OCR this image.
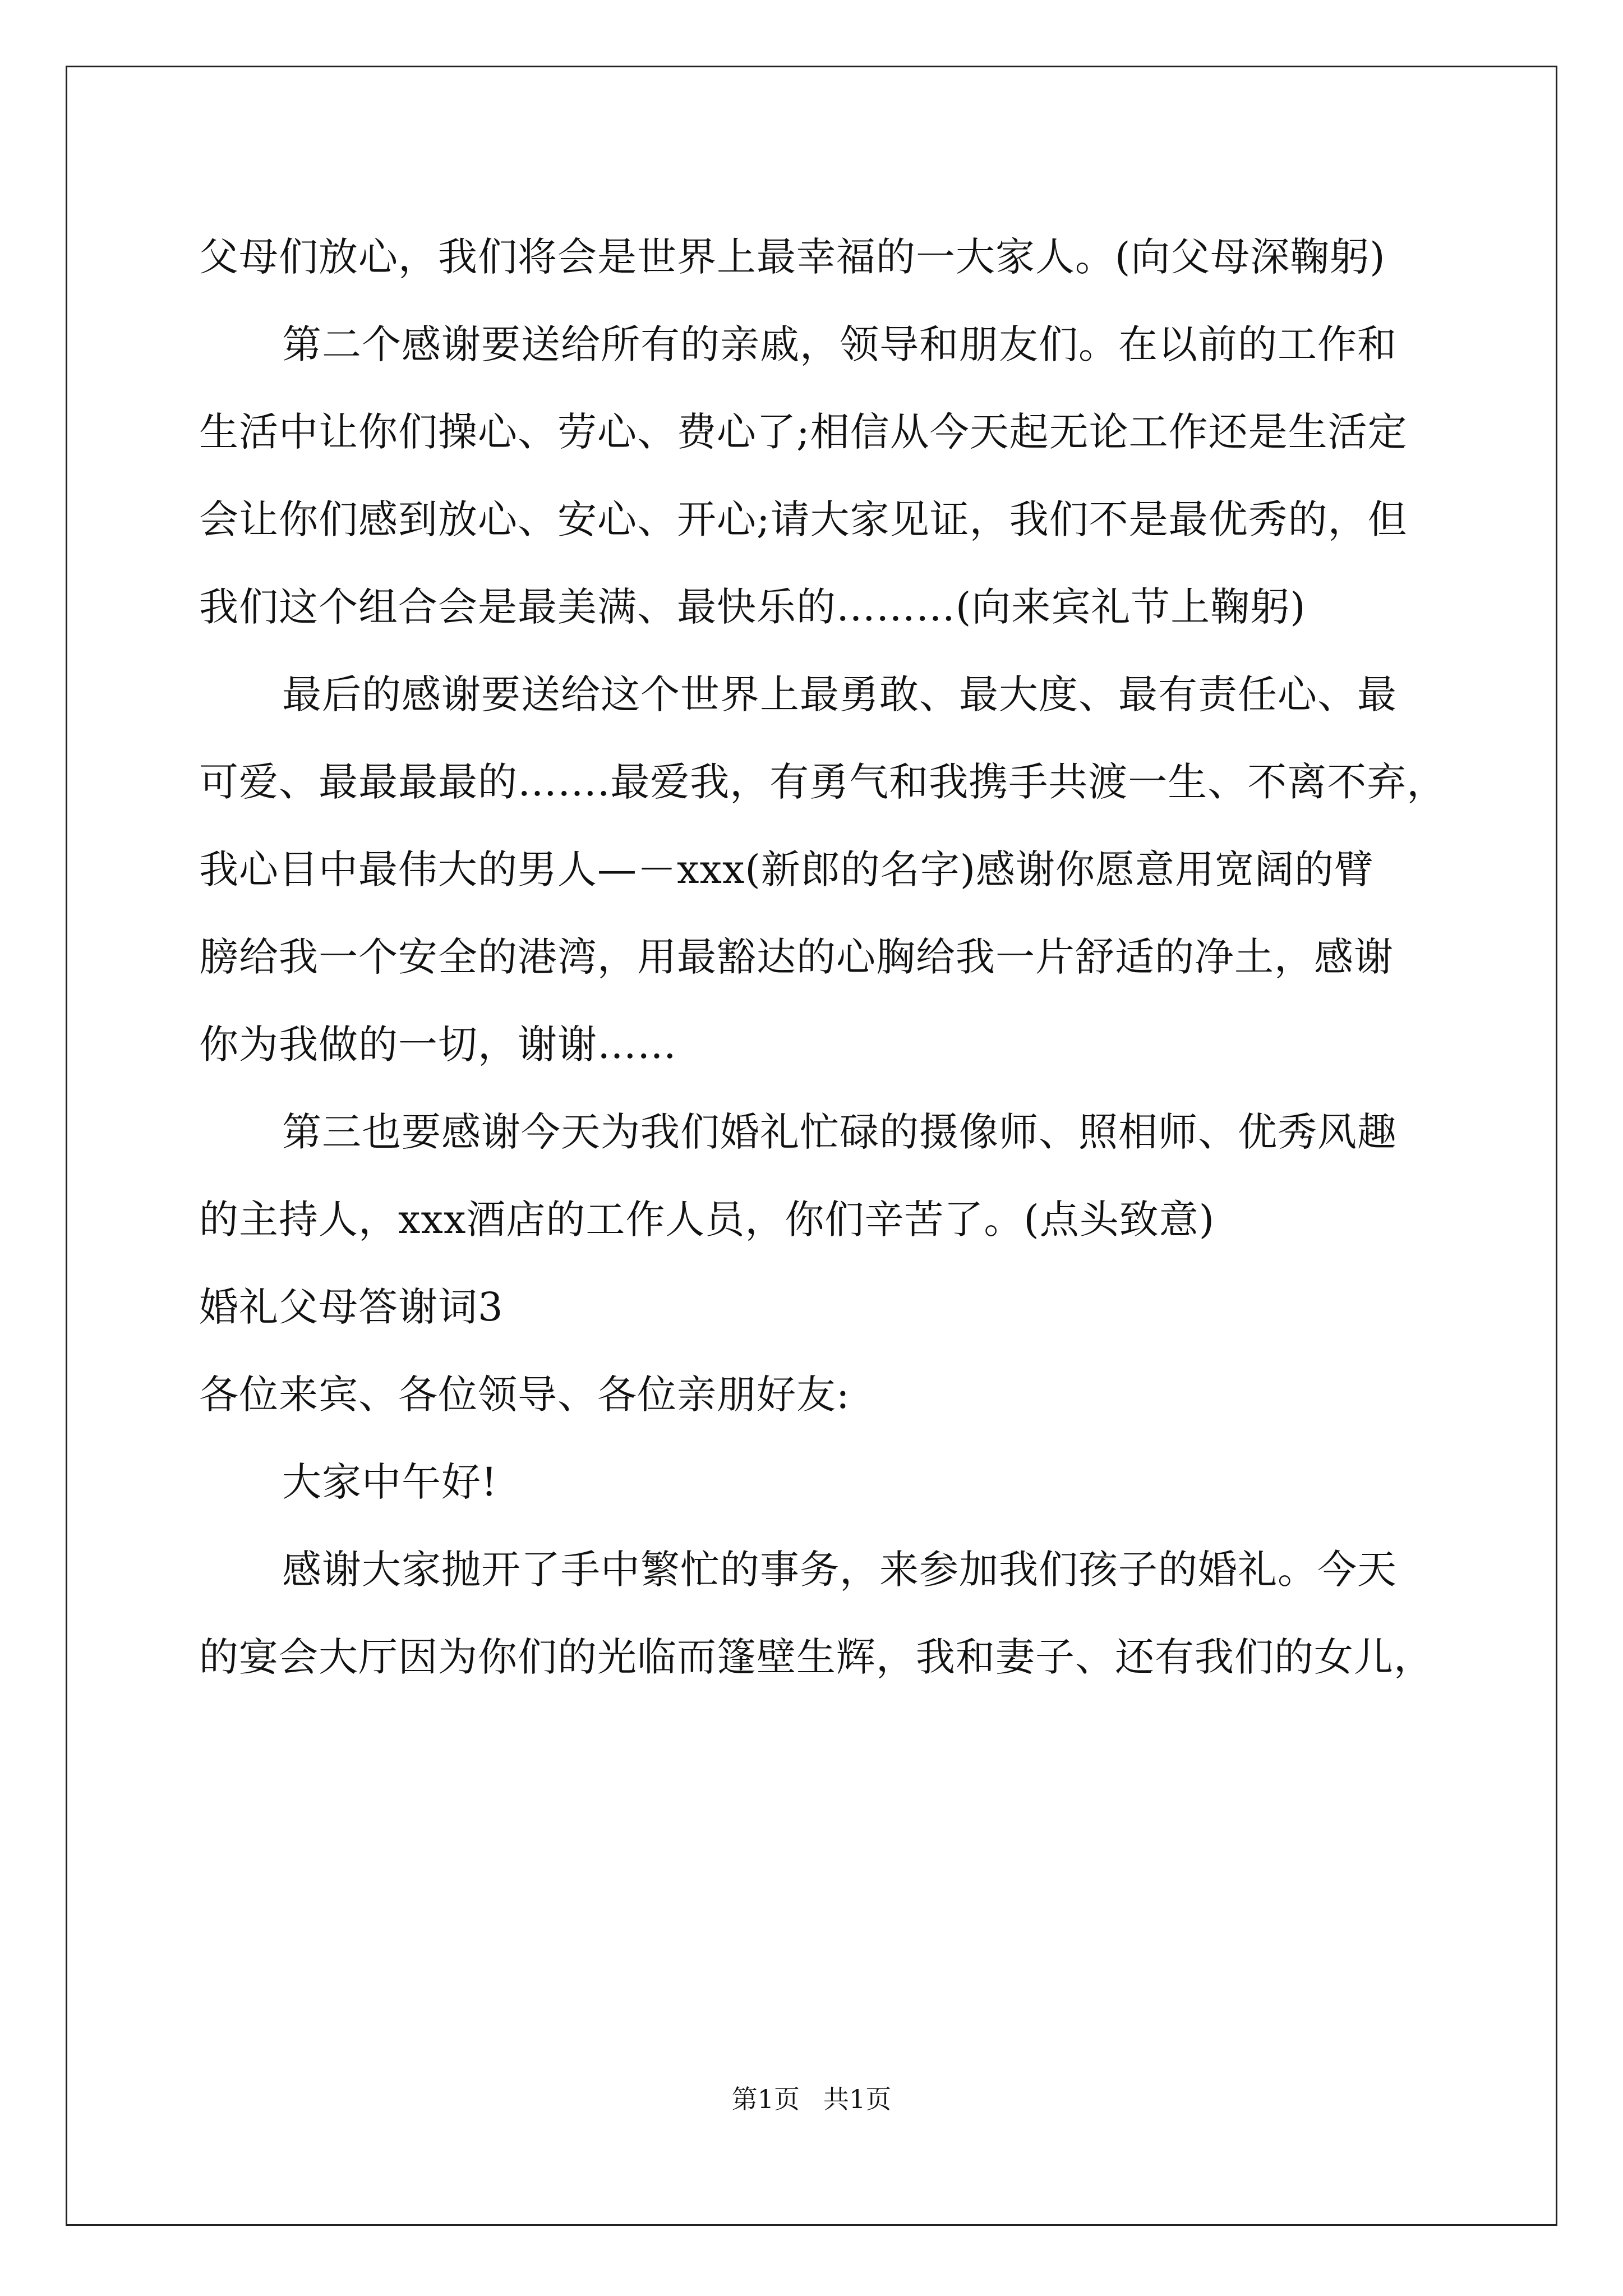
父母们放心，我们将会是世界上最幸福的一大家人。(向父母深鞠躬)
第二个感谢要送给所有的亲戚，领导和朋友们。在以前的工作和
生活中让你们操心、劳心、费心了;相信从今天起无论工作还是生活定
会让你们感到放心、安心、开心;请大家见证，我们不是最优秀的，但
我们这个组合会是最美满、最快乐的………(向来宾礼节上鞠躬)
最后的感谢要送给这个世界上最勇敢、最大度、最有责任心、最
可爱、最最最最的…….最爱我，有勇气和我携手共渡一生、不离不弃，
我心目中最伟大的男人—－xxx(新郎的名字)感谢你愿意用宽阔的臂
膀给我一个安全的港湾，用最豁达的心胸给我一片舒适的净土，感谢
你为我做的一切，谢谢……
第三也要感谢今天为我们婚礼忙碌的摄像师、照相师、优秀风趣
的主持人，xxx酒店的工作人员，你们辛苦了。(点头致意)
婚礼父母答谢词3
各位来宾、各位领导、各位亲朋好友:
大家中午好!
感谢大家抛开了手中繁忙的事务，来参加我们孩子的婚礼。今天
的宴会大厅因为你们的光临而篷壁生辉，我和妻子、还有我们的女儿，
第1页 共1页
